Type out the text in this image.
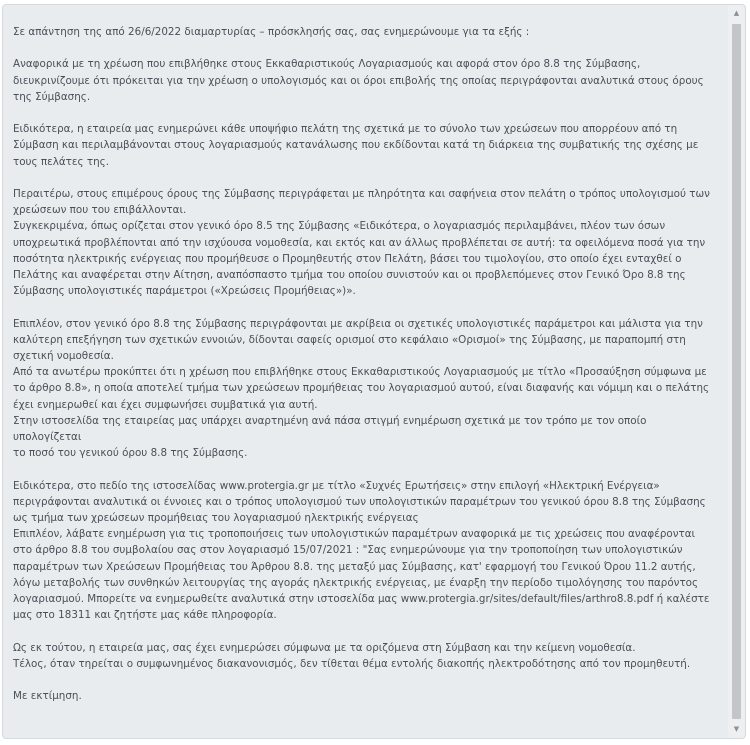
Σε απάντηση της από 26/6/2022 διαμαρτυρίας – πρόσκλησής σας, σας ενημερώνουμε για τα εξής :

Αναφορικά με τη χρέωση που επιβλήθηκε στους Εκκαθαριστικούς Λογαριασμούς και αφορά στον όρο 8.8 της Σύμβασης,
διευκρινίζουμε ότι πρόκειται για την χρέωση ο υπολογισμός και οι όροι επιβολής της οποίας περιγράφονται αναλυτικά στους όρους
της Σύμβασης.

Ειδικότερα, η εταιρεία μας ενημερώνει κάθε υποψήφιο πελάτη της σχετικά με το σύνολο των χρεώσεων που απορρέουν από τη
Σύμβαση και περιλαμβάνονται στους λογαριασμούς κατανάλωσης που εκδίδονται κατά τη διάρκεια της συμβατικής της σχέσης με
τους πελάτες της.

Περαιτέρω, στους επιμέρους όρους της Σύμβασης περιγράφεται με πληρότητα και σαφήνεια στον πελάτη ο τρόπος υπολογισμού των
χρεώσεων που του επιβάλλονται.
Συγκεκριμένα, όπως ορίζεται στον γενικό όρο 8.5 της Σύμβασης «Ειδικότερα, ο λογαριασμός περιλαμβάνει, πλέον των όσων
υποχρεωτικά προβλέπονται από την ισχύουσα νομοθεσία, και εκτός και αν άλλως προβλέπεται σε αυτή: τα οφειλόμενα ποσά για την
ποσότητα ηλεκτρικής ενέργειας που προμήθευσε ο Προμηθευτής στον Πελάτη, βάσει του τιμολογίου, στο οποίο έχει ενταχθεί ο
Πελάτης και αναφέρεται στην Αίτηση, αναπόσπαστο τμήμα του οποίου συνιστούν και οι προβλεπόμενες στον Γενικό Όρο 8.8 της
Σύμβασης υπολογιστικές παράμετροι («Χρεώσεις Προμήθειας»)».

Επιπλέον, στον γενικό όρο 8.8 της Σύμβασης περιγράφονται με ακρίβεια οι σχετικές υπολογιστικές παράμετροι και μάλιστα για την
καλύτερη επεξήγηση των σχετικών εννοιών, δίδονται σαφείς ορισμοί στο κεφάλαιο «Ορισμοί» της Σύμβασης, με παραπομπή στη
σχετική νομοθεσία.
Από τα ανωτέρω προκύπτει ότι η χρέωση που επιβλήθηκε στους Εκκαθαριστικούς Λογαριασμούς με τίτλο «Προσαύξηση σύμφωνα με
το άρθρο 8.8», η οποία αποτελεί τμήμα των χρεώσεων προμήθειας του λογαριασμού αυτού, είναι διαφανής και νόμιμη και ο πελάτης
έχει ενημερωθεί και έχει συμφωνήσει συμβατικά για αυτή.
Στην ιστοσελίδα της εταιρείας μας υπάρχει αναρτημένη ανά πάσα στιγμή ενημέρωση σχετικά με τον τρόπο με τον οποίο υπολογίζεται
το ποσό του γενικού όρου 8.8 της Σύμβασης.

Ειδικότερα, στο πεδίο της ιστοσελίδας www.protergia.gr με τίτλο «Συχνές Ερωτήσεις» στην επιλογή «Ηλεκτρική Ενέργεια»
περιγράφονται αναλυτικά οι έννοιες και ο τρόπος υπολογισμού των υπολογιστικών παραμέτρων του γενικού όρου 8.8 της Σύμβασης
ως τμήμα των χρεώσεων προμήθειας του λογαριασμού ηλεκτρικής ενέργειας
Επιπλέον, λάβατε ενημέρωση για τις τροποποιήσεις των υπολογιστικών παραμέτρων αναφορικά με τις χρεώσεις που αναφέρονται
στο άρθρο 8.8 του συμβολαίου σας στον λογαριασμό 15/07/2021 : "Σας ενημερώνουμε για την τροποποίηση των υπολογιστικών
παραμέτρων των Χρεώσεων Προμήθειας του Άρθρου 8.8. της μεταξύ μας Σύμβασης, κατ' εφαρμογή του Γενικού Όρου 11.2 αυτής,
λόγω μεταβολής των συνθηκών λειτουργίας της αγοράς ηλεκτρικής ενέργειας, με έναρξη την περίοδο τιμολόγησης του παρόντος
λογαριασμού. Μπορείτε να ενημερωθείτε αναλυτικά στην ιστοσελίδα μας www.protergia.gr/sites/default/files/arthro8.8.pdf ή καλέστε
μας στο 18311 και ζητήστε μας κάθε πληροφορία.

Ως εκ τούτου, η εταιρεία μας, σας έχει ενημερώσει σύμφωνα με τα οριζόμενα στη Σύμβαση και την κείμενη νομοθεσία.
Τέλος, όταν τηρείται ο συμφωνημένος διακανονισμός, δεν τίθεται θέμα εντολής διακοπής ηλεκτροδότησης από τον προμηθευτή.

Με εκτίμηση.

▲
▼
